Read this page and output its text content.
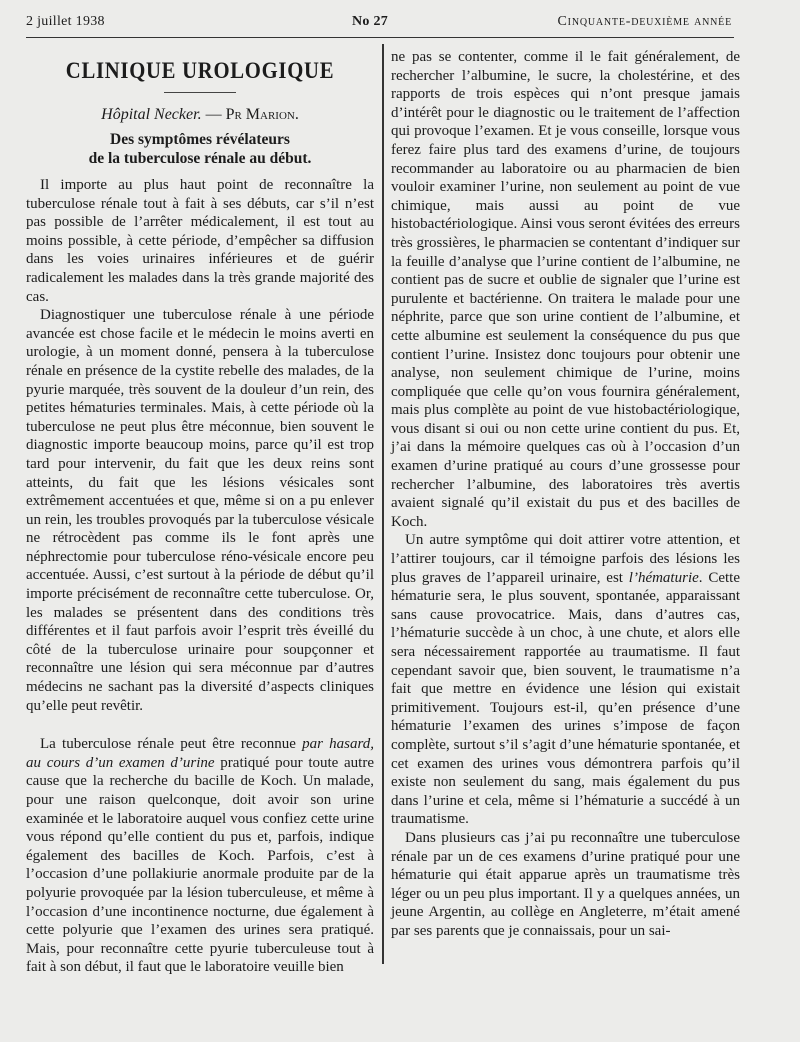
2 juillet 1938	No 27	Cinquante-deuxième année
CLINIQUE UROLOGIQUE
Hôpital Necker. — Pr Marion.
Des symptômes révélateurs
de la tuberculose rénale au début.

Il importe au plus haut point de reconnaître la tuberculose rénale tout à fait à ses débuts, car s’il n’est pas possible de l’arrêter médicalement, il est tout au moins possible, à cette période, d’empêcher sa diffusion dans les voies urinaires inférieures et de guérir radicalement les malades dans la très grande majorité des cas.

Diagnostiquer une tuberculose rénale à une période avancée est chose facile et le médecin le moins averti en urologie, à un moment donné, pensera à la tuberculose rénale en présence de la cystite rebelle des malades, de la pyurie marquée, très souvent de la douleur d’un rein, des petites hématuries terminales. Mais, à cette période où la tuberculose ne peut plus être méconnue, bien souvent le diagnostic importe beaucoup moins, parce qu’il est trop tard pour intervenir, du fait que les deux reins sont atteints, du fait que les lésions vésicales sont extrêmement accentuées et que, même si on a pu enlever un rein, les troubles provoqués par la tuberculose vésicale ne rétrocèdent pas comme ils le font après une néphrectomie pour tuberculose réno-vésicale encore peu accentuée. Aussi, c’est surtout à la période de début qu’il importe précisément de reconnaître cette tuberculose. Or, les malades se présentent dans des conditions très différentes et il faut parfois avoir l’esprit très éveillé du côté de la tuberculose urinaire pour soupçonner et reconnaître une lésion qui sera méconnue par d’autres médecins ne sachant pas la diversité d’aspects cliniques qu’elle peut revêtir.

La tuberculose rénale peut être reconnue par hasard, au cours d’un examen d’urine pratiqué pour toute autre cause que la recherche du bacille de Koch. Un malade, pour une raison quelconque, doit avoir son urine examinée et le laboratoire auquel vous confiez cette urine vous répond qu’elle contient du pus et, parfois, indique également des bacilles de Koch. Parfois, c’est à l’occasion d’une pollakiurie anormale produite par de la polyurie provoquée par la lésion tuberculeuse, et même à l’occasion d’une incontinence nocturne, due également à cette polyurie que l’examen des urines sera pratiqué. Mais, pour reconnaître cette pyurie tuberculeuse tout à fait à son début, il faut que le laboratoire veuille bien

ne pas se contenter, comme il le fait généralement, de rechercher l’albumine, le sucre, la cholestérine, et des rapports de trois espèces qui n’ont presque jamais d’intérêt pour le diagnostic ou le traitement de l’affection qui provoque l’examen. Et je vous conseille, lorsque vous ferez faire plus tard des examens d’urine, de toujours recommander au laboratoire ou au pharmacien de bien vouloir examiner l’urine, non seulement au point de vue chimique, mais aussi au point de vue histobactériologique. Ainsi vous seront évitées des erreurs très grossières, le pharmacien se contentant d’indiquer sur la feuille d’analyse que l’urine contient de l’albumine, ne contient pas de sucre et oublie de signaler que l’urine est purulente et bactérienne. On traitera le malade pour une néphrite, parce que son urine contient de l’albumine, et cette albumine est seulement la conséquence du pus que contient l’urine. Insistez donc toujours pour obtenir une analyse, non seulement chimique de l’urine, moins compliquée que celle qu’on vous fournira généralement, mais plus complète au point de vue histobactériologique, vous disant si oui ou non cette urine contient du pus. Et, j’ai dans la mémoire quelques cas où à l’occasion d’un examen d’urine pratiqué au cours d’une grossesse pour rechercher l’albumine, des laboratoires très avertis avaient signalé qu’il existait du pus et des bacilles de Koch.

Un autre symptôme qui doit attirer votre attention, et l’attirer toujours, car il témoigne parfois des lésions les plus graves de l’appareil urinaire, est l’hématurie. Cette hématurie sera, le plus souvent, spontanée, apparaissant sans cause provocatrice. Mais, dans d’autres cas, l’hématurie succède à un choc, à une chute, et alors elle sera nécessairement rapportée au traumatisme. Il faut cependant savoir que, bien souvent, le traumatisme n’a fait que mettre en évidence une lésion qui existait primitivement. Toujours est-il, qu’en présence d’une hématurie l’examen des urines s’impose de façon complète, surtout s’il s’agit d’une hématurie spontanée, et cet examen des urines vous démontrera parfois qu’il existe non seulement du sang, mais également du pus dans l’urine et cela, même si l’hématurie a succédé à un traumatisme.

Dans plusieurs cas j’ai pu reconnaître une tuberculose rénale par un de ces examens d’urine pratiqué pour une hématurie qui était apparue après un traumatisme très léger ou un peu plus important. Il y a quelques années, un jeune Argentin, au collège en Angleterre, m’était amené par ses parents que je connaissais, pour un sai-
